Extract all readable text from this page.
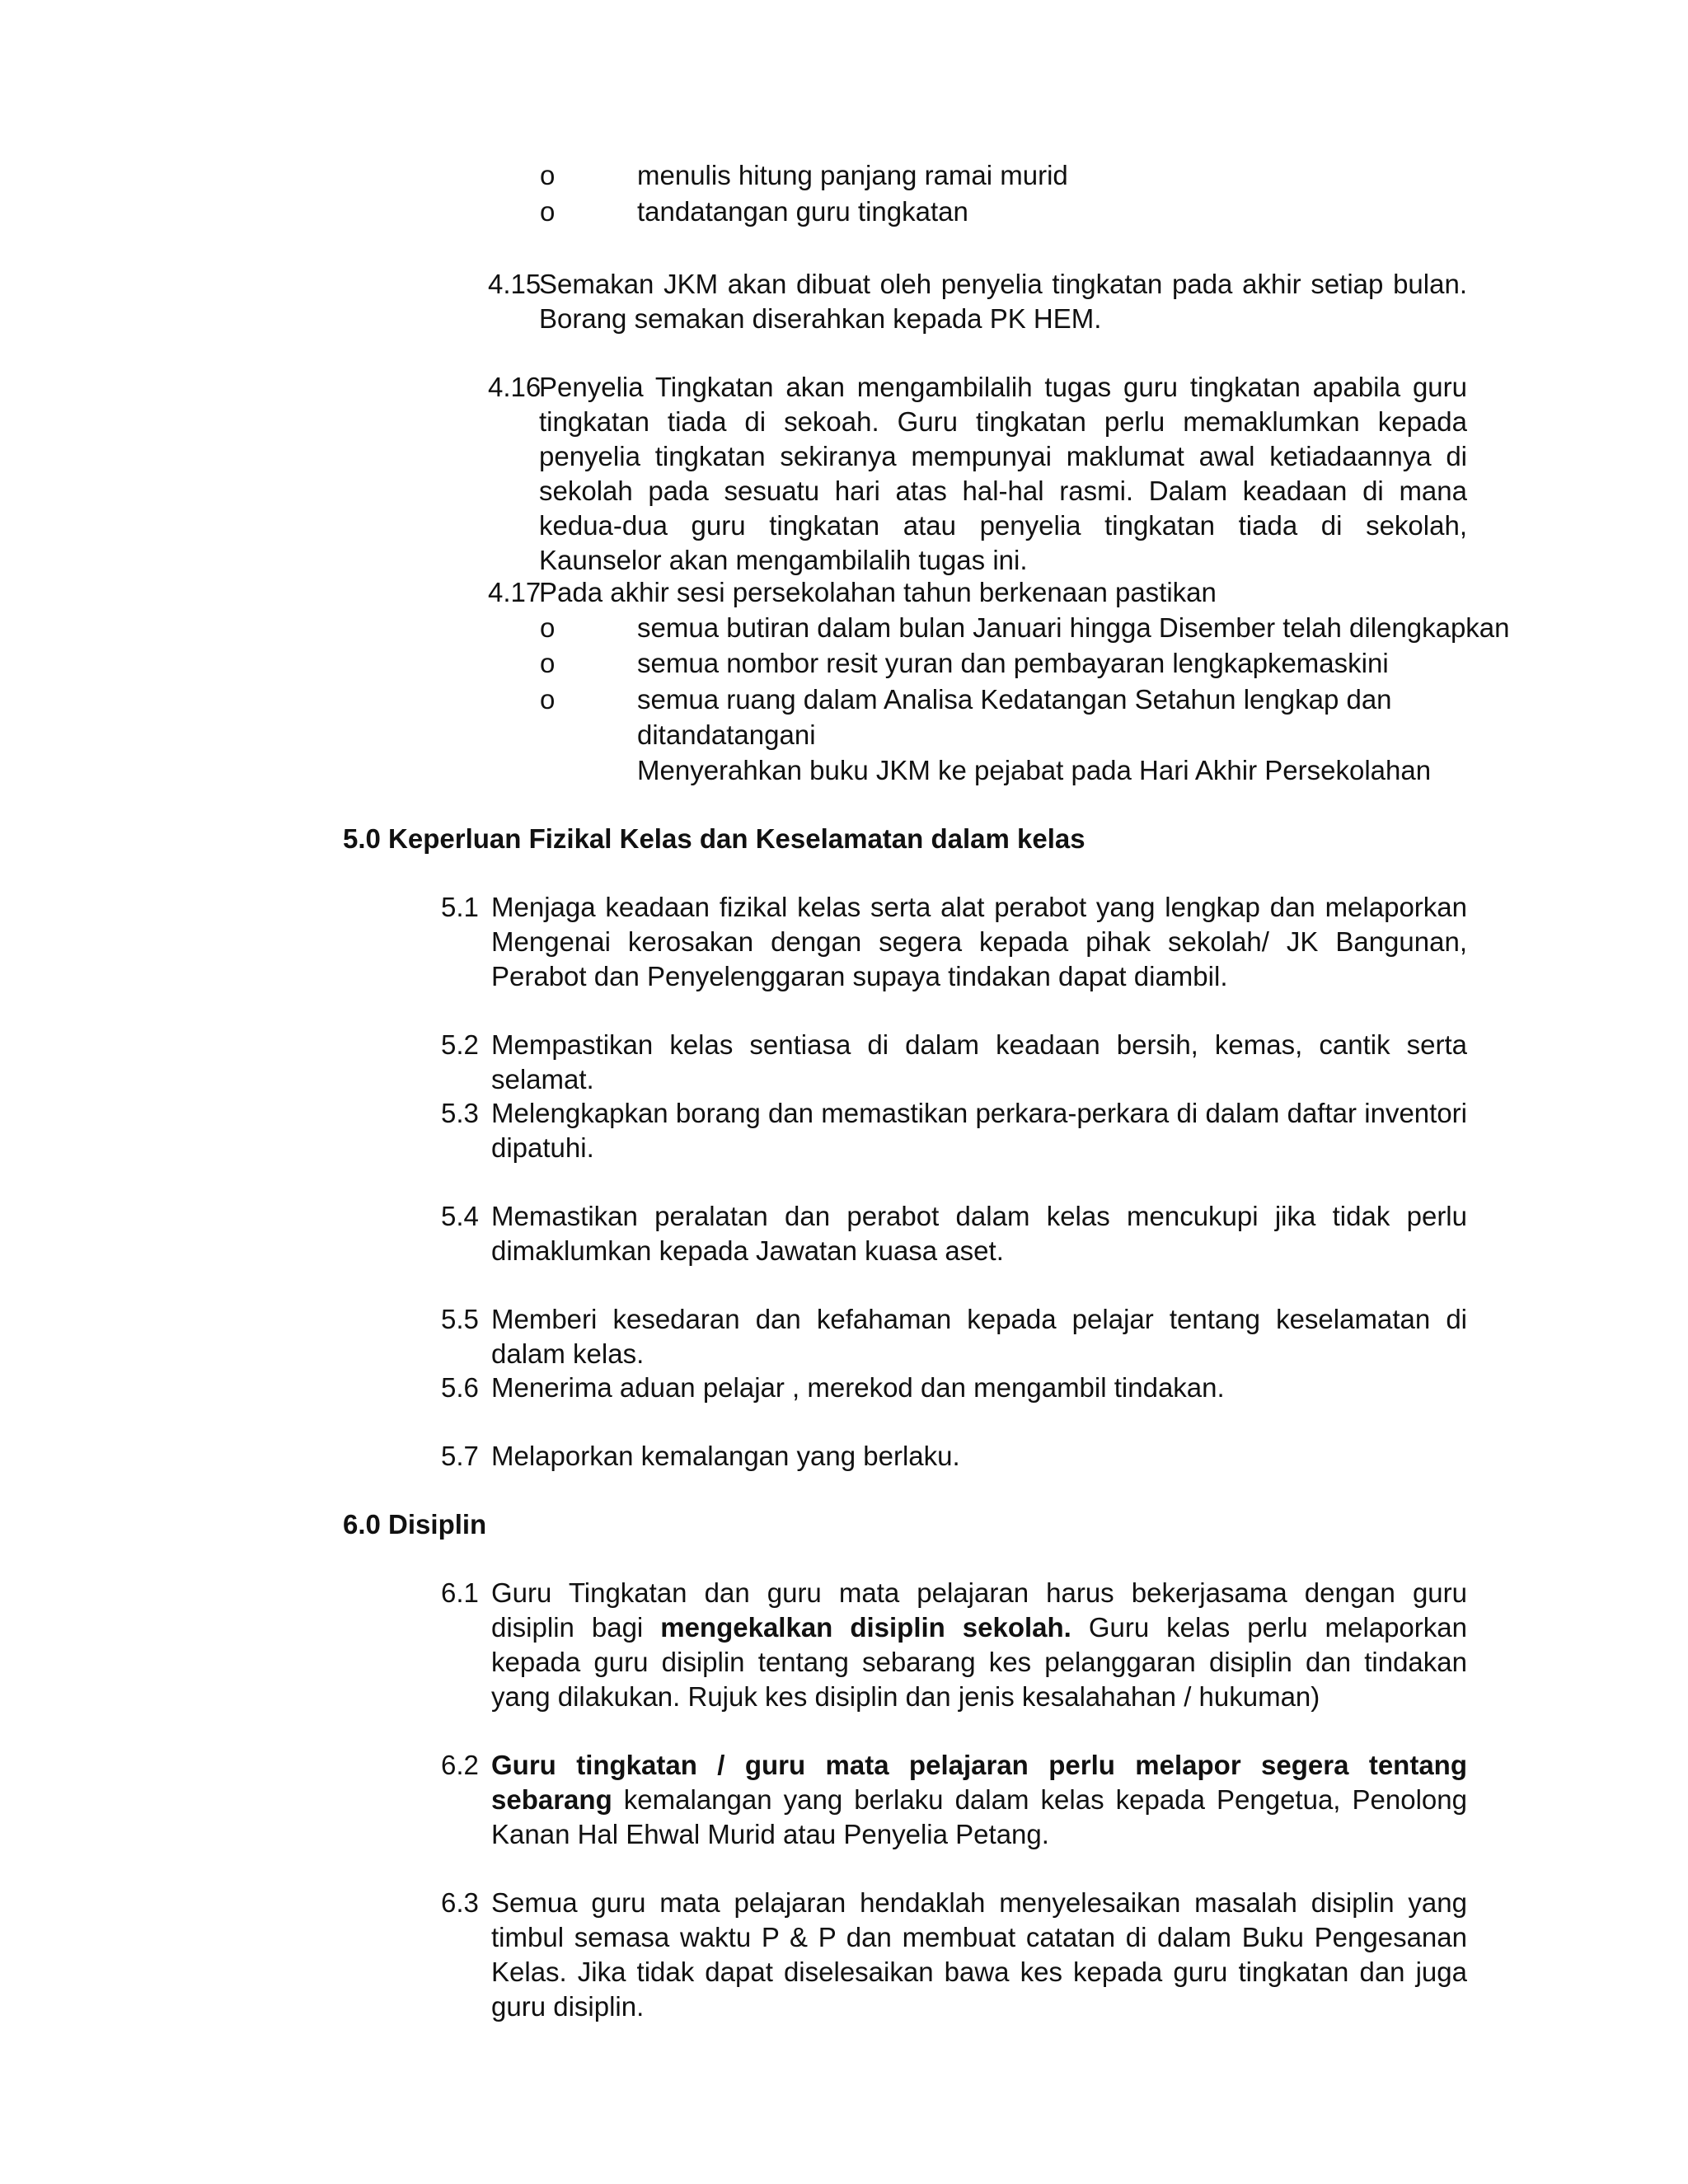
o	menulis hitung panjang ramai murid
o	tandatangan guru tingkatan
4.15
Semakan JKM akan dibuat oleh penyelia tingkatan pada akhir setiap bulan. Borang semakan diserahkan kepada PK HEM.
4.16
Penyelia Tingkatan akan mengambilalih tugas guru tingkatan apabila guru tingkatan tiada di sekoah. Guru tingkatan perlu memaklumkan kepada penyelia tingkatan sekiranya mempunyai maklumat awal ketiadaannya di sekolah pada sesuatu hari atas hal-hal rasmi. Dalam keadaan di mana kedua-dua guru tingkatan atau penyelia tingkatan tiada di sekolah, Kaunselor akan mengambilalih tugas ini.
4.17
Pada akhir sesi persekolahan tahun berkenaan pastikan
o	semua butiran dalam bulan Januari hingga Disember telah dilengkapkan
o	semua nombor resit yuran dan pembayaran lengkapkemaskini
o	semua ruang dalam Analisa Kedatangan Setahun lengkap dan
ditandatangani
Menyerahkan buku JKM ke pejabat pada Hari Akhir Persekolahan
5.0 Keperluan Fizikal Kelas dan Keselamatan dalam kelas
5.1 Menjaga keadaan fizikal kelas serta alat perabot yang lengkap dan melaporkan Mengenai kerosakan dengan segera kepada pihak sekolah/ JK Bangunan, Perabot dan Penyelenggaran supaya tindakan dapat diambil.
5.2 Mempastikan kelas sentiasa di dalam keadaan bersih, kemas, cantik serta selamat.
5.3 Melengkapkan borang dan memastikan perkara-perkara di dalam daftar inventori dipatuhi.
5.4 Memastikan peralatan dan perabot dalam kelas mencukupi jika tidak perlu dimaklumkan kepada Jawatan kuasa aset.
5.5 Memberi kesedaran dan kefahaman kepada pelajar tentang keselamatan di dalam kelas.
5.6 Menerima aduan pelajar , merekod dan mengambil tindakan.
5.7 Melaporkan kemalangan yang berlaku.
6.0 Disiplin
6.1 Guru Tingkatan dan guru mata pelajaran harus bekerjasama dengan guru disiplin bagi mengekalkan disiplin sekolah. Guru kelas perlu melaporkan kepada guru disiplin tentang sebarang kes pelanggaran disiplin dan tindakan yang dilakukan. Rujuk kes disiplin dan jenis kesalahahan / hukuman)
6.2 Guru tingkatan / guru mata pelajaran perlu melapor segera tentang sebarang kemalangan yang berlaku dalam kelas kepada Pengetua, Penolong Kanan Hal Ehwal Murid atau Penyelia Petang.
6.3 Semua guru mata pelajaran hendaklah menyelesaikan masalah disiplin yang timbul semasa waktu P & P dan membuat catatan di dalam Buku Pengesanan Kelas. Jika tidak dapat diselesaikan bawa kes kepada guru tingkatan dan juga guru disiplin.
